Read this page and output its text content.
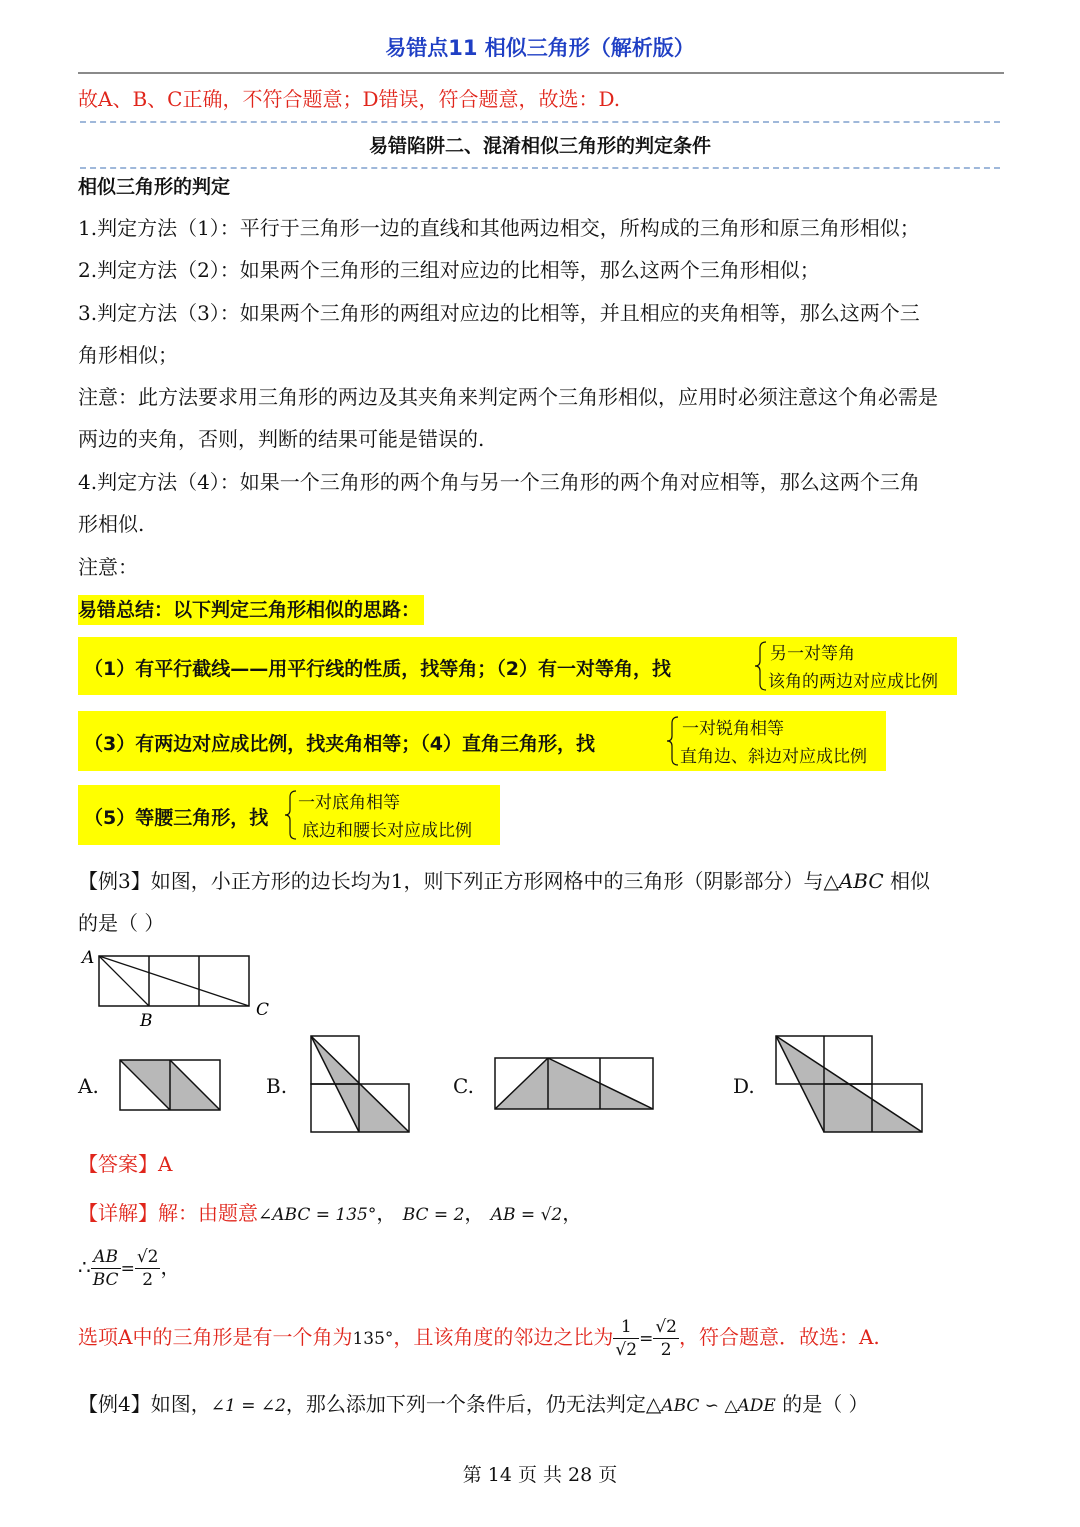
易错点11 相似三角形（解析版）
故A、B、C正确，不符合题意；D错误，符合题意，故选：D.
易错陷阱二、混淆相似三角形的判定条件
相似三角形的判定
1.判定方法（1）：平行于三角形一边的直线和其他两边相交，所构成的三角形和原三角形相似；
2.判定方法（2）：如果两个三角形的三组对应边的比相等，那么这两个三角形相似；
3.判定方法（3）：如果两个三角形的两组对应边的比相等，并且相应的夹角相等，那么这两个三
角形相似；
注意：此方法要求用三角形的两边及其夹角来判定两个三角形相似，应用时必须注意这个角必需是
两边的夹角，否则，判断的结果可能是错误的.
4.判定方法（4）：如果一个三角形的两个角与另一个三角形的两个角对应相等，那么这两个三角
形相似.
注意：
易错总结：以下判定三角形相似的思路：
（1）有平行截线——用平行线的性质，找等角；（2）有一对等角，找
另一对等角
该角的两边对应成比例
（3）有两边对应成比例，找夹角相等；（4）直角三角形，找
一对锐角相等
直角边、斜边对应成比例
（5）等腰三角形，找
一对底角相等
底边和腰长对应成比例
【例3】如图，小正方形的边长均为1，则下列正方形网格中的三角形（阴影部分）与△ABC 相似
的是（ ）
A
B
C
A.	B.	C.	D.
【答案】A
【详解】解：由题意∠ABC = 135°， BC = 2， AB = √2，
∴ $\frac{AB}{BC} = \frac{√2}{2}$ ，
选项A中的三角形是有一个角为135°，且该角度的邻边之比为 $\frac{1}{√2} = \frac{√2}{2}$ ，符合题意．故选：A.
【例4】如图，∠1 = ∠2，那么添加下列一个条件后，仍无法判定△ABC ∽ △ADE 的是（ ）
第 14 页 共 28 页
